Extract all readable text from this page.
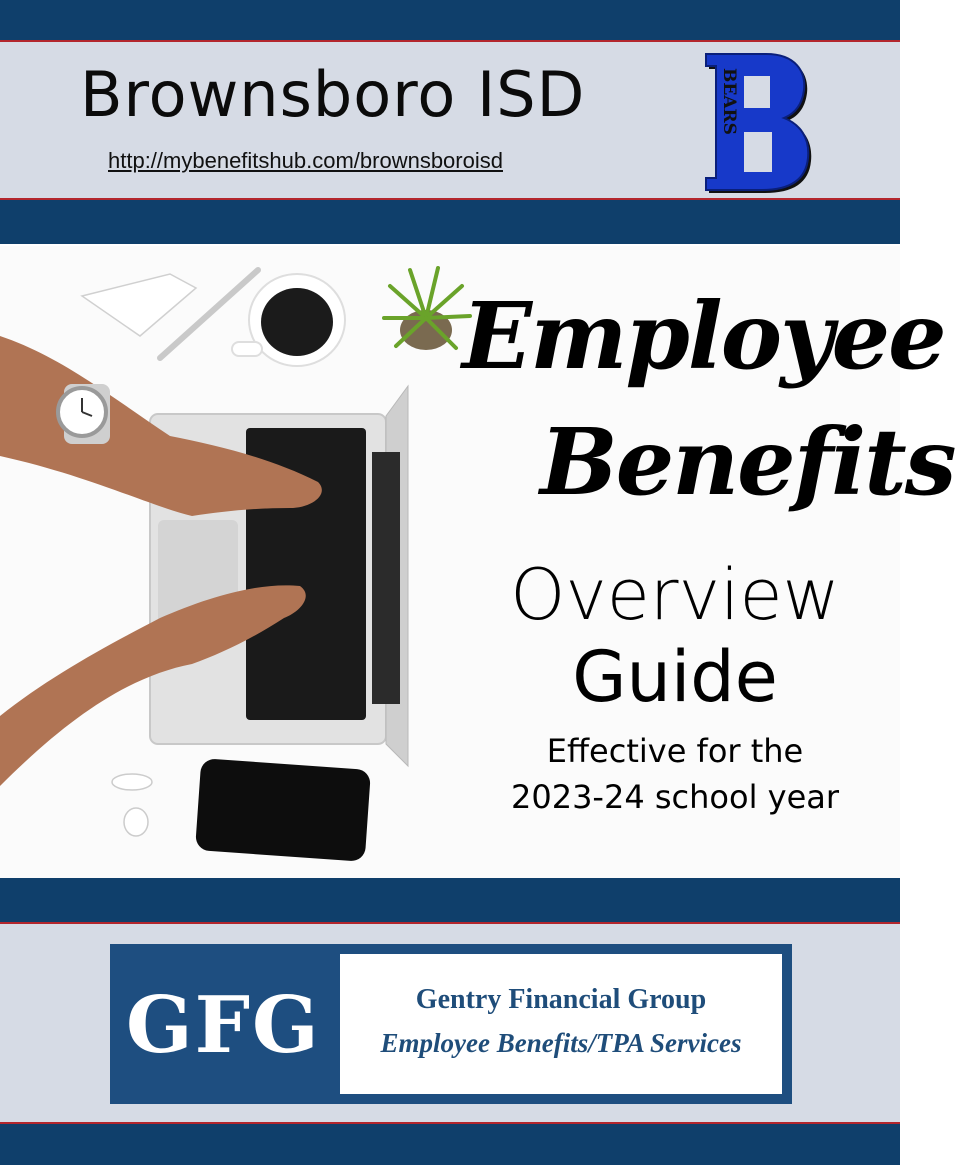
Brownsboro ISD
http://mybenefitshub.com/brownsboroisd
BEARS
Employee
Benefits
Overview
Guide
Effective for the
2023-24 school year
GFG	Gentry Financial Group
Employee Benefits/TPA Services
